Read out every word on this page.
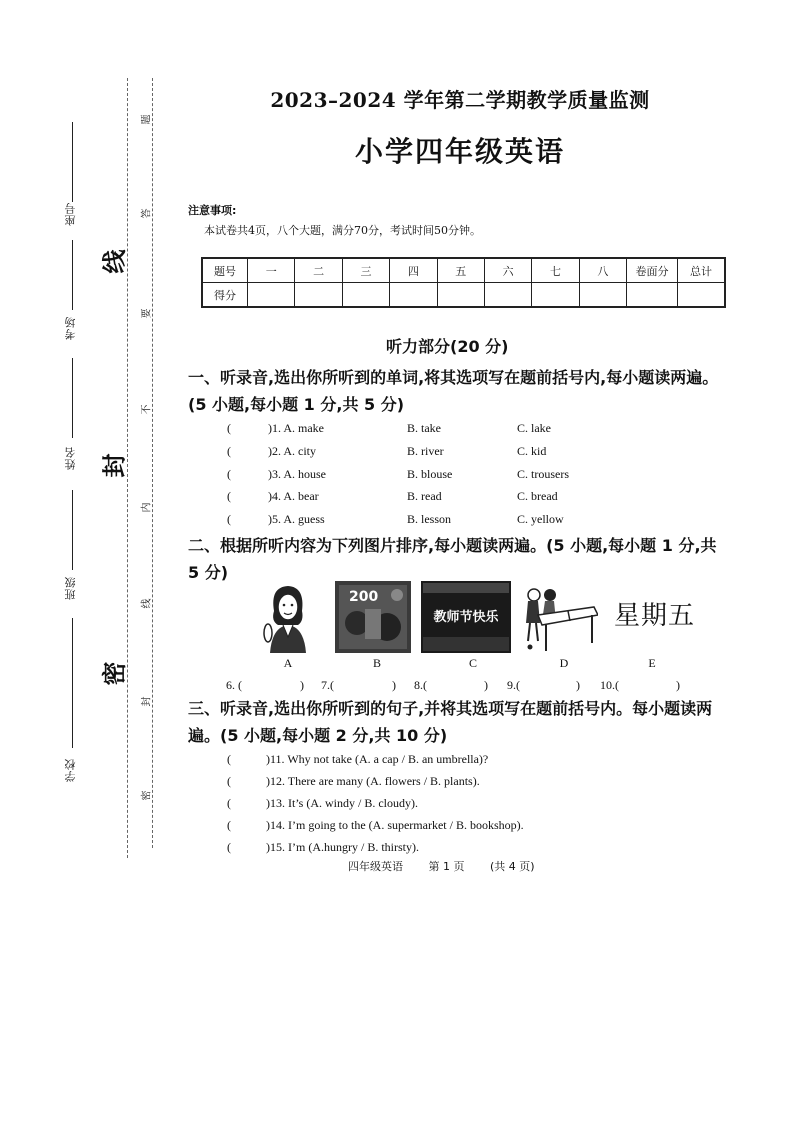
座号
考场
姓名
班级
学校
线
封
密
题
答
要
不
内
线
封
密
2023–2024 学年第二学期教学质量监测
小学四年级英语
注意事项:
本试卷共4页，八个大题，满分70分，考试时间50分钟。
题号	一	二	三	四	五	六	七	八	卷面分	总计
得分										
听力部分(20 分)
一、听录音,选出你所听到的单词,将其选项写在题前括号内,每小题读两遍。(5 小题,每小题 1 分,共 5 分)
(	)1. A. make	B. take	C. lake
(	)2. A. city	B. river	C. kid
(	)3. A. house	B. blouse	C. trousers
(	)4. A. bear	B. read	C. bread
(	)5. A. guess	B. lesson	C. yellow
二、根据所听内容为下列图片排序,每小题读两遍。(5 小题,每小题 1 分,共 5 分)
200
教师节快乐	星期五
A	B	C	D	E
6. (	) 7.(	) 8.(	) 9.(	) 10.(	)
三、听录音,选出你所听到的句子,并将其选项写在题前括号内。每小题读两遍。(5 小题,每小题 2 分,共 10 分)
(	)11. Why not take (A. a cap / B. an umbrella)?
(	)12. There are many (A. flowers / B. plants).
(	)13. It’s (A. windy / B. cloudy).
(	)14. I’m going to the (A. supermarket / B. bookshop).
(	)15. I’m (A.hungry / B. thirsty).
四年级英语 第 1 页 (共 4 页)
